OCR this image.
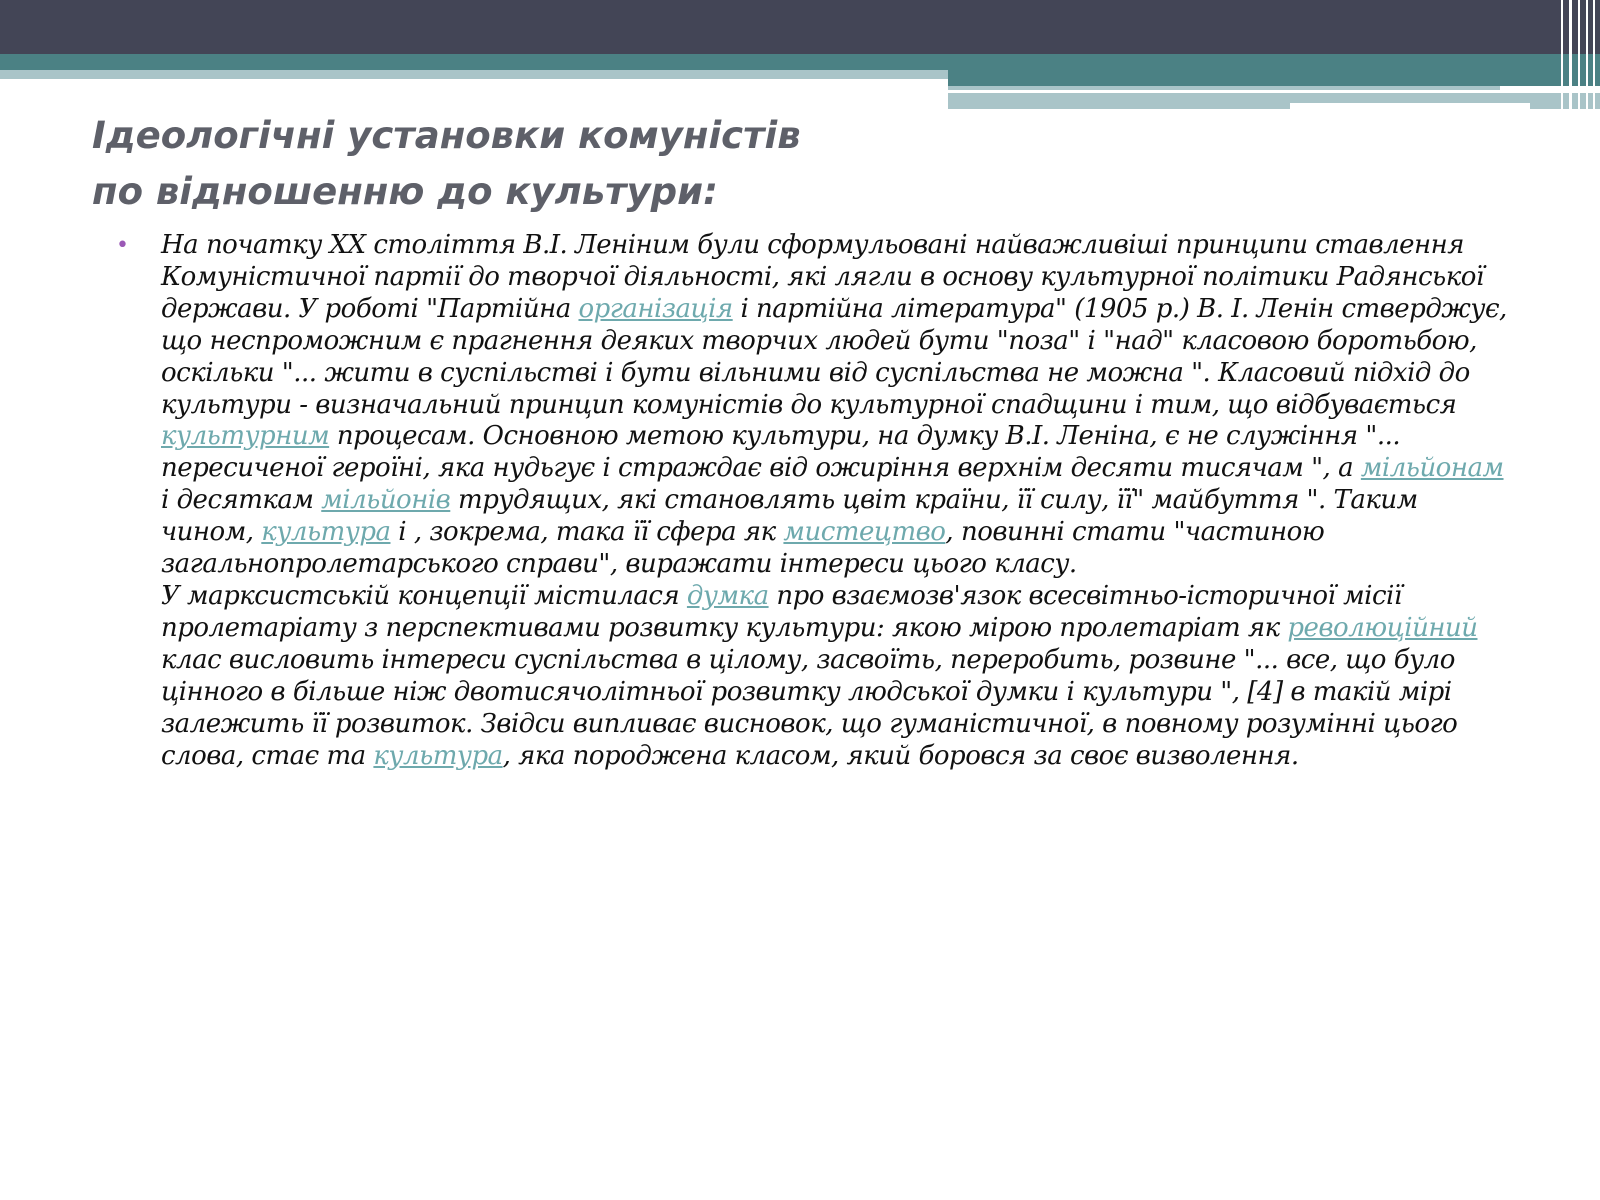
Ідеологічні установки комуністів
по відношенню до культури:
•	На початку XX століття В.І. Леніним були сформульовані найважливіші принципи ставлення Комуністичної партії до творчої діяльності, які лягли в основу культурної політики Радянської держави. У роботі "Партійна організація і партійна література" (1905 р.) В. І. Ленін стверджує, що неспроможним є прагнення деяких творчих людей бути "поза" і "над" класовою боротьбою, оскільки "... жити в суспільстві і бути вільними від суспільства не можна ". Класовий підхід до культури - визначальний принцип комуністів до культурної спадщини і тим, що відбувається культурним процесам. Основною метою культури, на думку В.І. Леніна, є не служіння "... пересиченої героїні, яка нудьгує і страждає від ожиріння верхнім десяти тисячам ", а мільйонам і десяткам мільйонів трудящих, які становлять цвіт країни, її силу, її" майбуття ". Таким чином, культура і , зокрема, така її сфера як мистецтво, повинні стати "частиною загальнопролетарського справи", виражати інтереси цього класу.
У марксистській концепції містилася думка про взаємозв'язок всесвітньо-історичної місії пролетаріату з перспективами розвитку культури: якою мірою пролетаріат як революційний клас висловить інтереси суспільства в цілому, засвоїть, переробить, розвине "... все, що було цінного в більше ніж двотисячолітньої розвитку людської думки і культури ", [4] в такій мірі залежить її розвиток. Звідси випливає висновок, що гуманістичної, в повному розумінні цього слова, стає та культура, яка породжена класом, який боровся за своє визволення.
